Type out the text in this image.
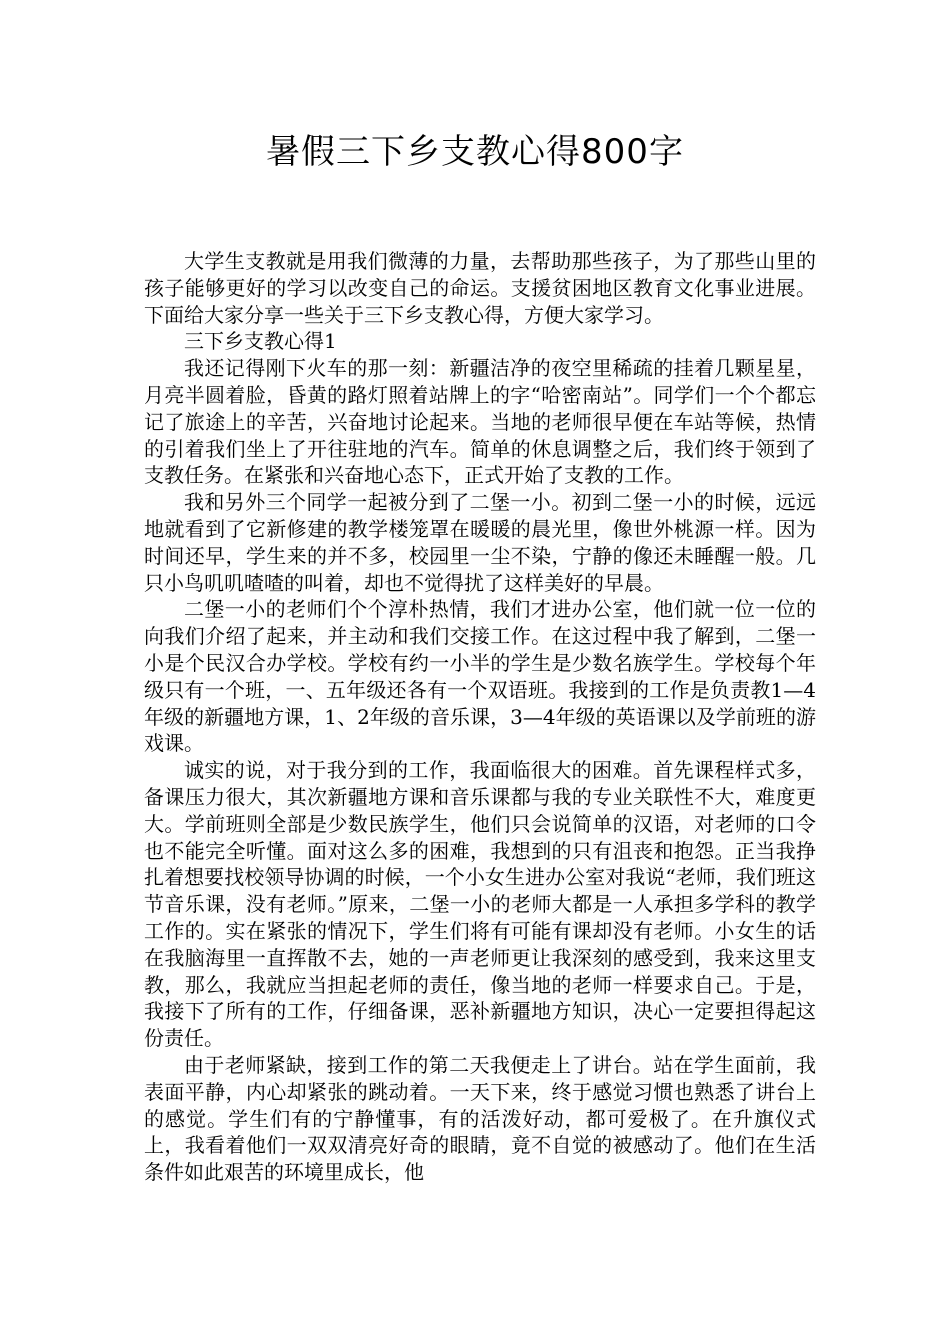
暑假三下乡支教心得800字

大学生支教就是用我们微薄的力量，去帮助那些孩子，为了那些山里的孩子能够更好的学习以改变自己的命运。支援贫困地区教育文化事业进展。下面给大家分享一些关于三下乡支教心得，方便大家学习。

三下乡支教心得1

我还记得刚下火车的那一刻：新疆洁净的夜空里稀疏的挂着几颗星星，月亮半圆着脸，昏黄的路灯照着站牌上的字“哈密南站”。同学们一个个都忘记了旅途上的辛苦，兴奋地讨论起来。当地的老师很早便在车站等候，热情的引着我们坐上了开往驻地的汽车。简单的休息调整之后，我们终于领到了支教任务。在紧张和兴奋地心态下，正式开始了支教的工作。

我和另外三个同学一起被分到了二堡一小。初到二堡一小的时候，远远地就看到了它新修建的教学楼笼罩在暖暖的晨光里，像世外桃源一样。因为时间还早，学生来的并不多，校园里一尘不染，宁静的像还未睡醒一般。几只小鸟叽叽喳喳的叫着，却也不觉得扰了这样美好的早晨。

二堡一小的老师们个个淳朴热情，我们才进办公室，他们就一位一位的向我们介绍了起来，并主动和我们交接工作。在这过程中我了解到，二堡一小是个民汉合办学校。学校有约一小半的学生是少数名族学生。学校每个年级只有一个班，一、五年级还各有一个双语班。我接到的工作是负责教1—4年级的新疆地方课，1、2年级的音乐课，3—4年级的英语课以及学前班的游戏课。

诚实的说，对于我分到的工作，我面临很大的困难。首先课程样式多，备课压力很大，其次新疆地方课和音乐课都与我的专业关联性不大，难度更大。学前班则全部是少数民族学生，他们只会说简单的汉语，对老师的口令也不能完全听懂。面对这么多的困难，我想到的只有沮丧和抱怨。正当我挣扎着想要找校领导协调的时候，一个小女生进办公室对我说“老师，我们班这节音乐课，没有老师。”原来，二堡一小的老师大都是一人承担多学科的教学工作的。实在紧张的情况下，学生们将有可能有课却没有老师。小女生的话在我脑海里一直挥散不去，她的一声老师更让我深刻的感受到，我来这里支教，那么，我就应当担起老师的责任，像当地的老师一样要求自己。于是，我接下了所有的工作，仔细备课，恶补新疆地方知识，决心一定要担得起这份责任。

由于老师紧缺，接到工作的第二天我便走上了讲台。站在学生面前，我表面平静，内心却紧张的跳动着。一天下来，终于感觉习惯也熟悉了讲台上的感觉。学生们有的宁静懂事，有的活泼好动，都可爱极了。在升旗仪式上，我看着他们一双双清亮好奇的眼睛，竟不自觉的被感动了。他们在生活条件如此艰苦的环境里成长，他
